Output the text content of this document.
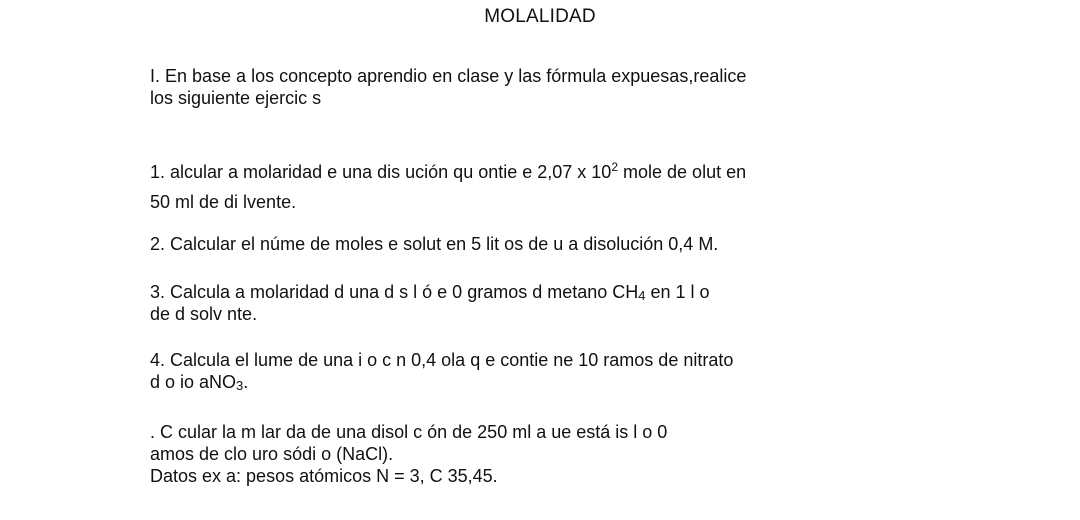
MOLALIDAD
I. En base a los concepto aprendio en clase y las fórmula expuesas,realice
los siguiente ejercic s
1. alcular a molaridad e una dis ución qu ontie e 2,07 x $10^2$ mole de olut en
50 ml de di lvente.
2. Calcular el núme de moles e solut en 5 lit os de u a disolución 0,4 M.
3. Calcula a molaridad d una d s l ó e 0 gramos d metano $CH_4$ en 1 l o
de d solv nte.
4. Calcula el lume de una i o c n 0,4 ola q e contie ne 10 ramos de nitrato
d o io aNO$_3$.
. C cular la m lar da de una disol c ón de 250 ml a ue está is l o 0
amos de clo uro sódi o (NaCl).
Datos ex a: pesos atómicos N = 3, C 35,45.
